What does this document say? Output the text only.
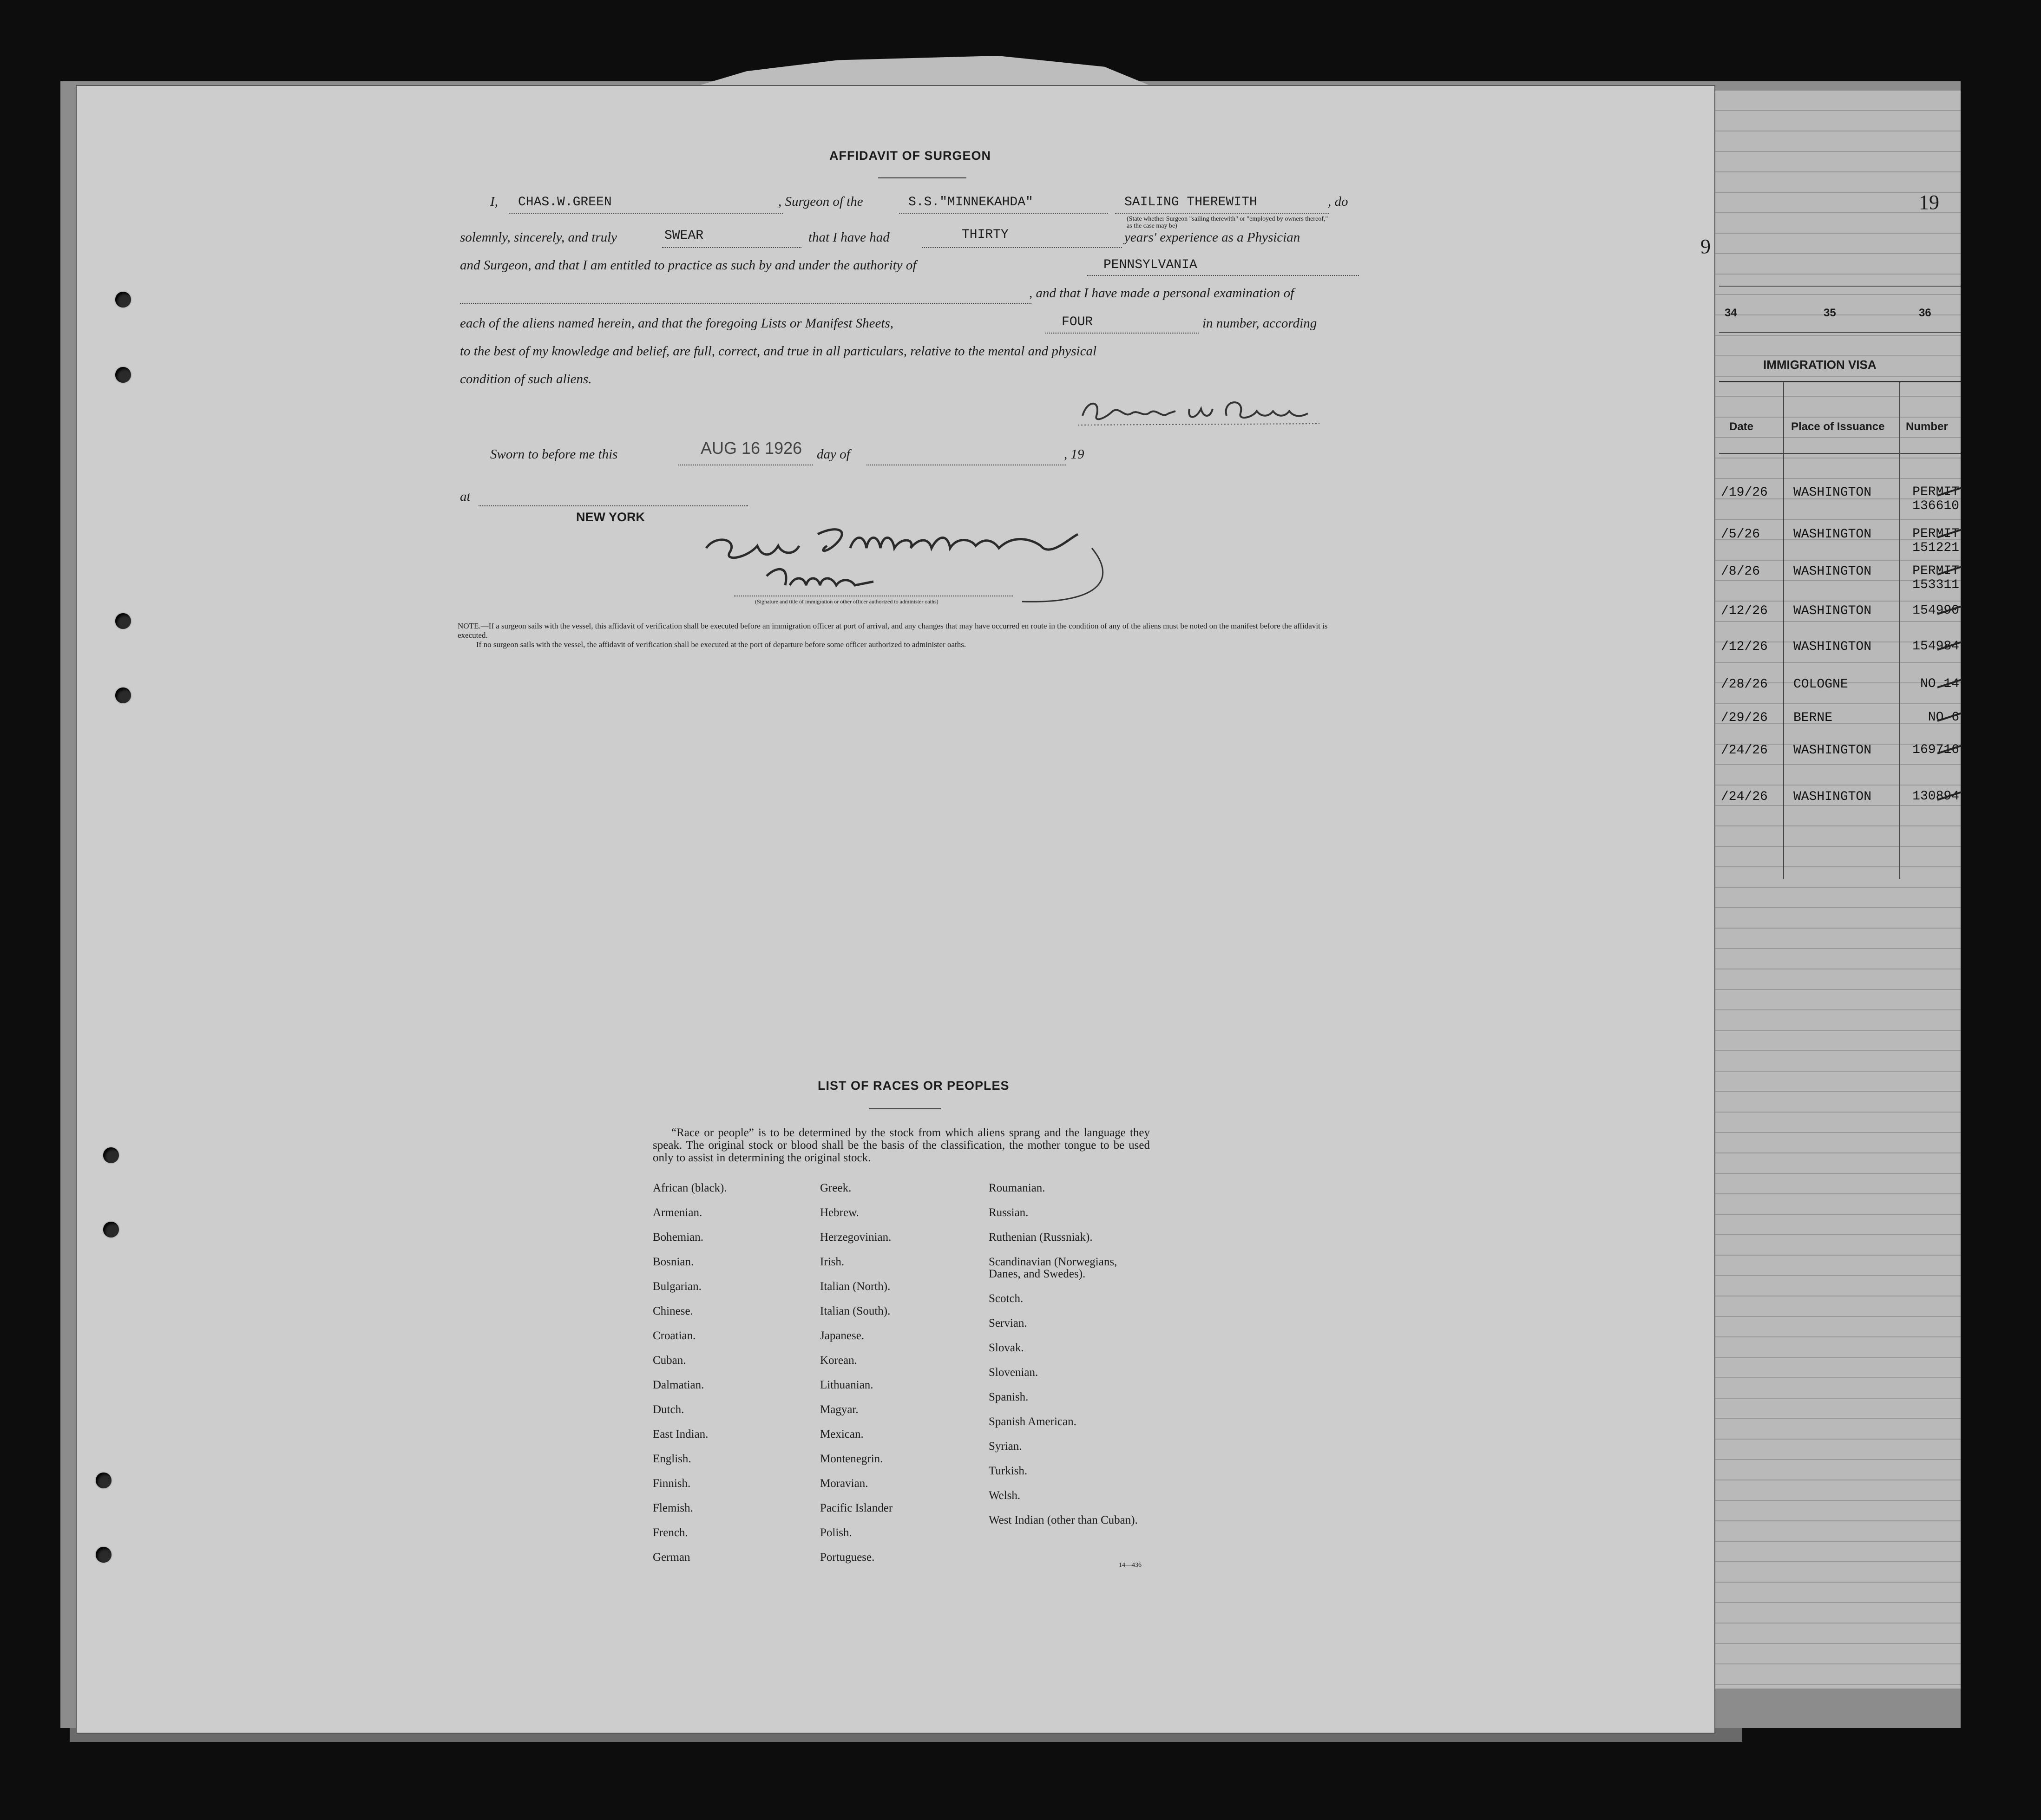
AFFIDAVIT OF SURGEON
I, CHAS.W.GREEN	, Surgeon of the	S.S."MINNEKAHDA"	SAILING THEREWITH	, do
(State whether Surgeon "sailing therewith" or "employed by owners thereof," as the case may be)
solemnly, sincerely, and truly	SWEAR	that I have had	THIRTY	years' experience as a Physician
and Surgeon, and that I am entitled to practice as such by and under the authority of	PENNSYLVANIA
, and that I have made a personal examination of
each of the aliens named herein, and that the foregoing Lists or Manifest Sheets,	FOUR	in number, according
to the best of my knowledge and belief, are full, correct, and true in all particulars, relative to the mental and physical
condition of such aliens.
Sworn to before me this	AUG 16 1926 day of	, 19
at
NEW YORK
(Signature and title of immigration or other officer authorized to administer oaths)
NOTE.—If a surgeon sails with the vessel, this affidavit of verification shall be executed before an immigration officer at port of arrival, and any changes that may have occurred en route in the condition of any of the aliens must be noted on the manifest before the affidavit is executed.
If no surgeon sails with the vessel, the affidavit of verification shall be executed at the port of departure before some officer authorized to administer oaths.
LIST OF RACES OR PEOPLES
“Race or people” is to be determined by the stock from which aliens sprang and the language they speak. The original stock or blood shall be the basis of the classification, the mother tongue to be used only to assist in determining the original stock.
African (black).
Armenian.
Bohemian.
Bosnian.
Bulgarian.
Chinese.
Croatian.
Cuban.
Dalmatian.
Dutch.
East Indian.
English.
Finnish.
Flemish.
French.
German
Greek.
Hebrew.
Herzegovinian.
Irish.
Italian (North).
Italian (South).
Japanese.
Korean.
Lithuanian.
Magyar.
Mexican.
Montenegrin.
Moravian.
Pacific Islander
Polish.
Portuguese.
Roumanian.
Russian.
Ruthenian (Russniak).
Scandinavian (Norwegians, Danes, and Swedes).
Scotch.
Servian.
Slovak.
Slovenian.
Spanish.
Spanish American.
Syrian.
Turkish.
Welsh.
West Indian (other than Cuban).
14—436
19
9
34	35	36
IMMIGRATION VISA
Date	Place of Issuance Number
/19/26 WASHINGTON	PERMIT 136610
/5/26	WASHINGTON	PERMIT 151221
/8/26	WASHINGTON	PERMIT 153311
/12/26 WASHINGTON	154990
/12/26 WASHINGTON	154984
/28/26 COLOGNE	NO 14
/29/26 BERNE	NO 6
/24/26 WASHINGTON	169716
/24/26 WASHINGTON	130894
